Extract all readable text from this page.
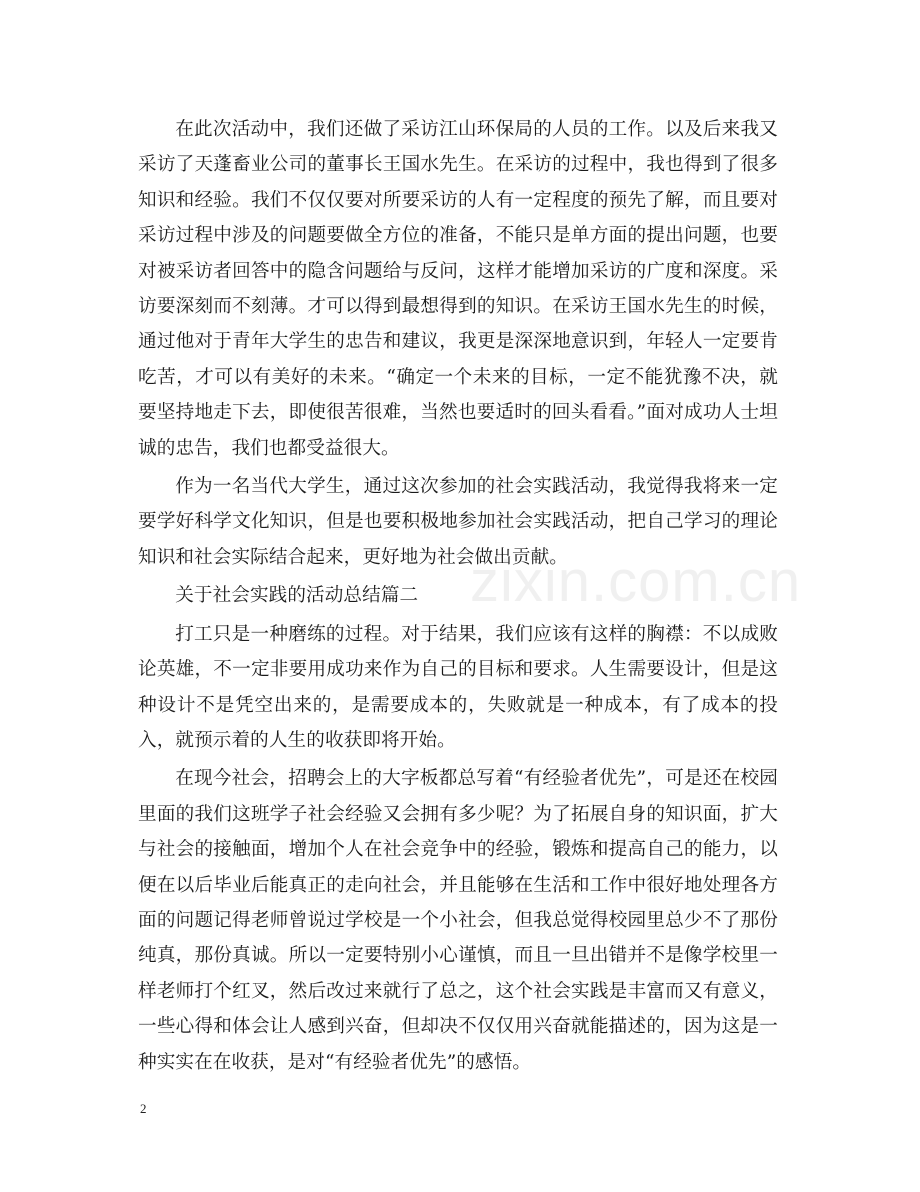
在此次活动中，我们还做了采访江山环保局的人员的工作。以及后来我又采访了天蓬畜业公司的董事长王国水先生。在采访的过程中，我也得到了很多知识和经验。我们不仅仅要对所要采访的人有一定程度的预先了解，而且要对采访过程中涉及的问题要做全方位的准备，不能只是单方面的提出问题，也要对被采访者回答中的隐含问题给与反问，这样才能增加采访的广度和深度。采访要深刻而不刻薄。才可以得到最想得到的知识。在采访王国水先生的时候，通过他对于青年大学生的忠告和建议，我更是深深地意识到，年轻人一定要肯吃苦，才可以有美好的未来。“确定一个未来的目标，一定不能犹豫不决，就要坚持地走下去，即使很苦很难，当然也要适时的回头看看。”面对成功人士坦诚的忠告，我们也都受益很大。

作为一名当代大学生，通过这次参加的社会实践活动，我觉得我将来一定要学好科学文化知识，但是也要积极地参加社会实践活动，把自己学习的理论知识和社会实际结合起来，更好地为社会做出贡献。

关于社会实践的活动总结篇二

打工只是一种磨练的过程。对于结果，我们应该有这样的胸襟：不以成败论英雄，不一定非要用成功来作为自己的目标和要求。人生需要设计，但是这种设计不是凭空出来的，是需要成本的，失败就是一种成本，有了成本的投入，就预示着的人生的收获即将开始。

在现今社会，招聘会上的大字板都总写着“有经验者优先”，可是还在校园里面的我们这班学子社会经验又会拥有多少呢？为了拓展自身的知识面，扩大与社会的接触面，增加个人在社会竞争中的经验，锻炼和提高自己的能力，以便在以后毕业后能真正的走向社会，并且能够在生活和工作中很好地处理各方面的问题记得老师曾说过学校是一个小社会，但我总觉得校园里总少不了那份纯真，那份真诚。所以一定要特别小心谨慎，而且一旦出错并不是像学校里一样老师打个红叉，然后改过来就行了总之，这个社会实践是丰富而又有意义，一些心得和体会让人感到兴奋，但却决不仅仅用兴奋就能描述的，因为这是一种实实在在收获，是对“有经验者优先”的感悟。

zixin.com.cn
2
